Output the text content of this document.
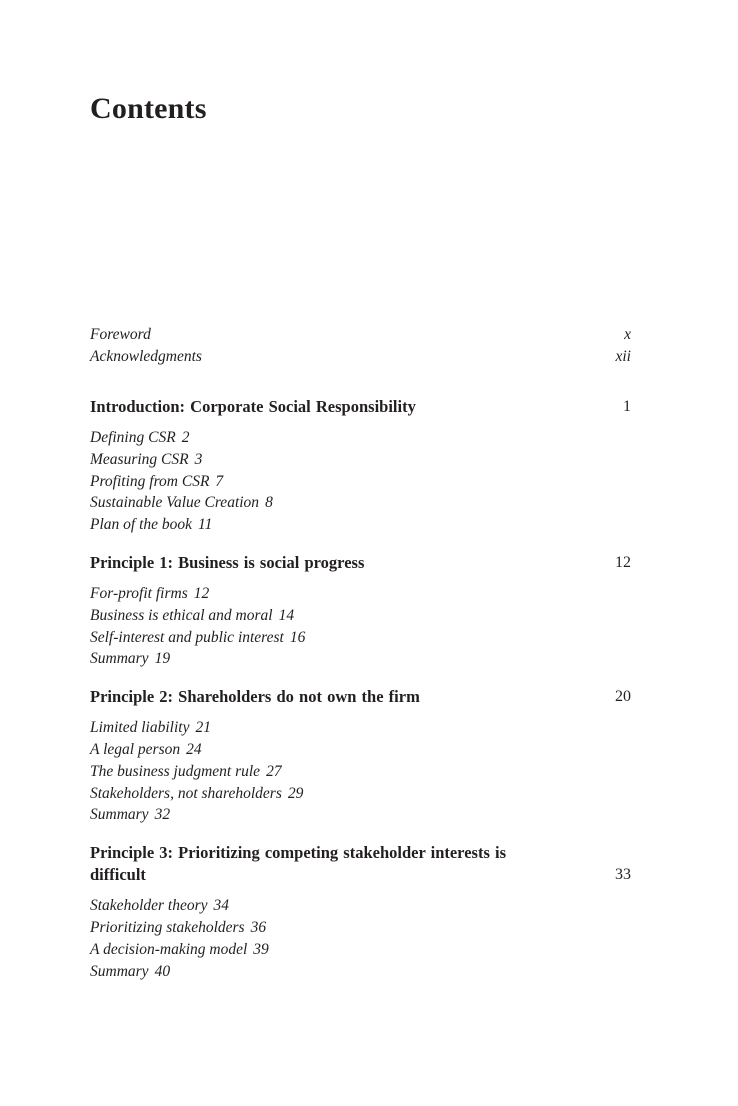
Contents
Foreword	x
Acknowledgments	xii
Introduction: Corporate Social Responsibility	1
Defining CSR 2
Measuring CSR 3
Profiting from CSR 7
Sustainable Value Creation 8
Plan of the book 11
Principle 1: Business is social progress	12
For-profit firms 12
Business is ethical and moral 14
Self-interest and public interest 16
Summary 19
Principle 2: Shareholders do not own the firm	20
Limited liability 21
A legal person 24
The business judgment rule 27
Stakeholders, not shareholders 29
Summary 32
Principle 3: Prioritizing competing stakeholder interests is difficult	33
Stakeholder theory 34
Prioritizing stakeholders 36
A decision-making model 39
Summary 40
